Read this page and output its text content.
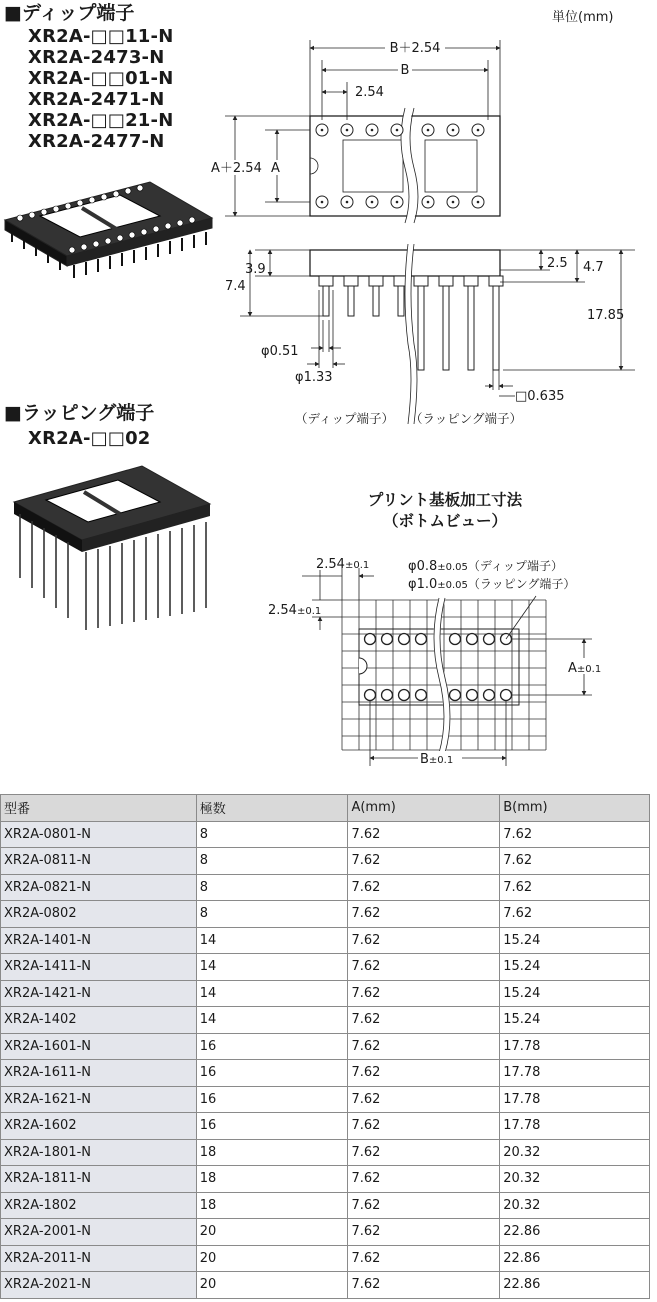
■ディップ端子
XR2A-□□11-N
XR2A-2473-N
XR2A-□□01-N
XR2A-2471-N
XR2A-□□21-N
XR2A-2477-N
単位(mm)
■ラッピング端子
XR2A-□□02
B＋2.54
B
2.54
A＋2.54 A
3.9
7.4
2.5 4.7
17.85
φ0.51
φ1.33
□0.635
（ディップ端子） （ラッピング端子）
プリント基板加工寸法
（ボトムビュー）
2.54±0.1
2.54±0.1
φ0.8±0.05（ディップ端子）
φ1.0±0.05（ラッピング端子）
A±0.1
B±0.1
型番	極数	A(mm)	B(mm)
XR2A-0801-N	8	7.62	7.62
XR2A-0811-N	8	7.62	7.62
XR2A-0821-N	8	7.62	7.62
XR2A-0802	8	7.62	7.62
XR2A-1401-N	14	7.62	15.24
XR2A-1411-N	14	7.62	15.24
XR2A-1421-N	14	7.62	15.24
XR2A-1402	14	7.62	15.24
XR2A-1601-N	16	7.62	17.78
XR2A-1611-N	16	7.62	17.78
XR2A-1621-N	16	7.62	17.78
XR2A-1602	16	7.62	17.78
XR2A-1801-N	18	7.62	20.32
XR2A-1811-N	18	7.62	20.32
XR2A-1802	18	7.62	20.32
XR2A-2001-N	20	7.62	22.86
XR2A-2011-N	20	7.62	22.86
XR2A-2021-N	20	7.62	22.86
